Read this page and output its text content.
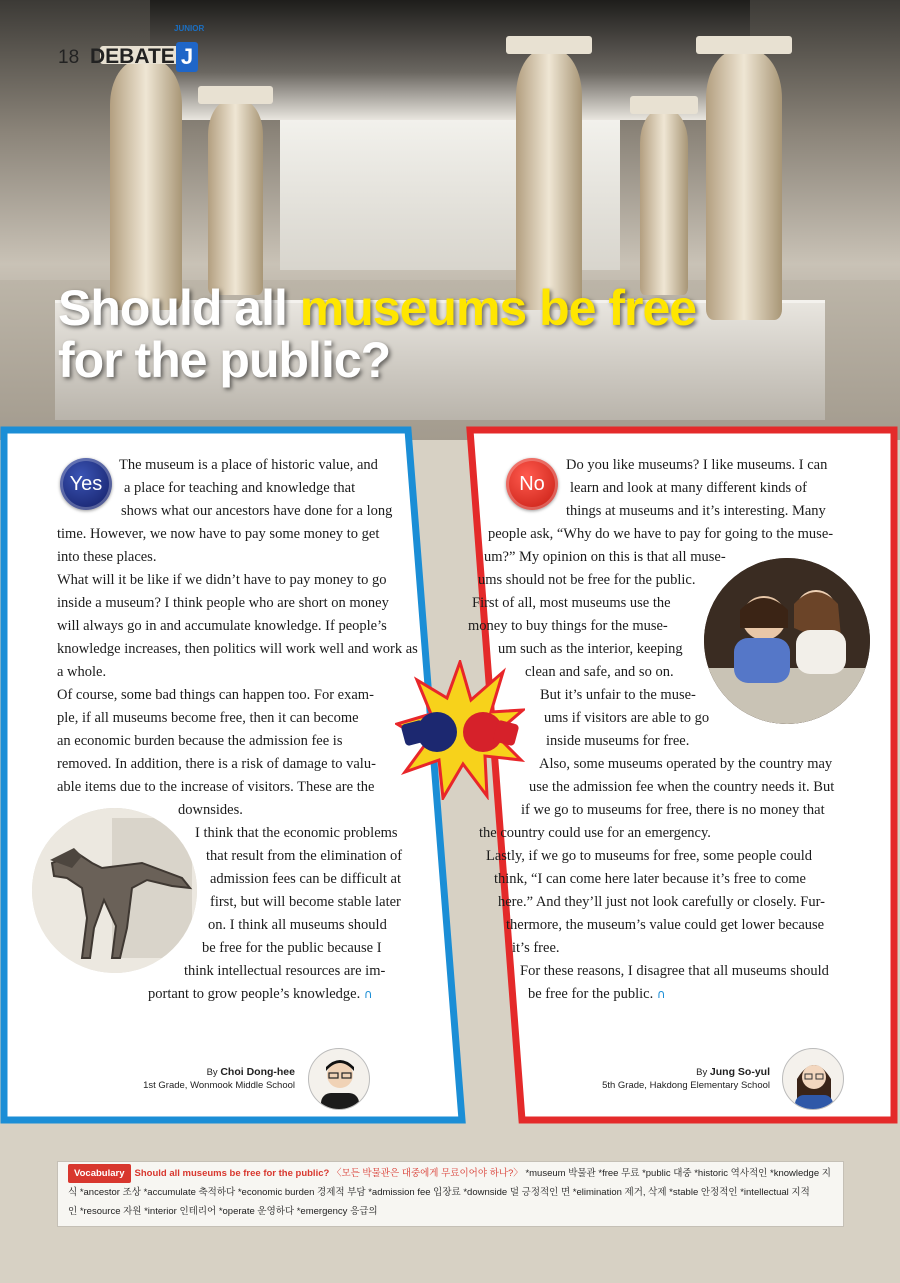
18 DEBATE
JUNIOR
J
Should all museums be free
for the public?
Yes	No
The museum is a place of historic value, and
a place for teaching and knowledge that
shows what our ancestors have done for a long
time. However, we now have to pay some money to get
into these places.
What will it be like if we didn’t have to pay money to go
inside a museum? I think people who are short on money
will always go in and accumulate knowledge. If people’s
knowledge increases, then politics will work well and work as
a whole.
Of course, some bad things can happen too. For exam-
ple, if all museums become free, then it can become
an economic burden because the admission fee is
removed. In addition, there is a risk of damage to valu-
able items due to the increase of visitors. These are the
downsides.
I think that the economic problems
that result from the elimination of
admission fees can be difficult at
first, but will become stable later
on. I think all museums should
be free for the public because I
think intellectual resources are im-
portant to grow people’s knowledge. ∩
Do you like museums? I like museums. I can
learn and look at many different kinds of
things at museums and it’s interesting. Many
people ask, “Why do we have to pay for going to the muse-
um?” My opinion on this is that all muse-
ums should not be free for the public.
First of all, most museums use the
money to buy things for the muse-
um such as the interior, keeping
clean and safe, and so on.
But it’s unfair to the muse-
ums if visitors are able to go
inside museums for free.
Also, some museums operated by the country may
use the admission fee when the country needs it. But
if we go to museums for free, there is no money that
the country could use for an emergency.
Lastly, if we go to museums for free, some people could
think, “I can come here later because it’s free to come
here.” And they’ll just not look carefully or closely. Fur-
thermore, the museum’s value could get lower because
it’s free.
For these reasons, I disagree that all museums should
be free for the public. ∩
By Choi Dong-hee
1st Grade, Wonmook Middle School
By Jung So-yul
5th Grade, Hakdong Elementary School
Vocabulary Should all museums be free for the public? 〈모든 박물관은 대중에게 무료이어야 하나?〉 *museum 박물관 *free 무료 *public 대중 *historic 역사적인 *knowledge 지
식 *ancestor 조상 *accumulate 축적하다 *economic burden 경제적 부담 *admission fee 입장료 *downside 덜 긍정적인 면 *elimination 제거, 삭제 *stable 안정적인 *intellectual 지적
인 *resource 자원 *interior 인테리어 *operate 운영하다 *emergency 응급의
